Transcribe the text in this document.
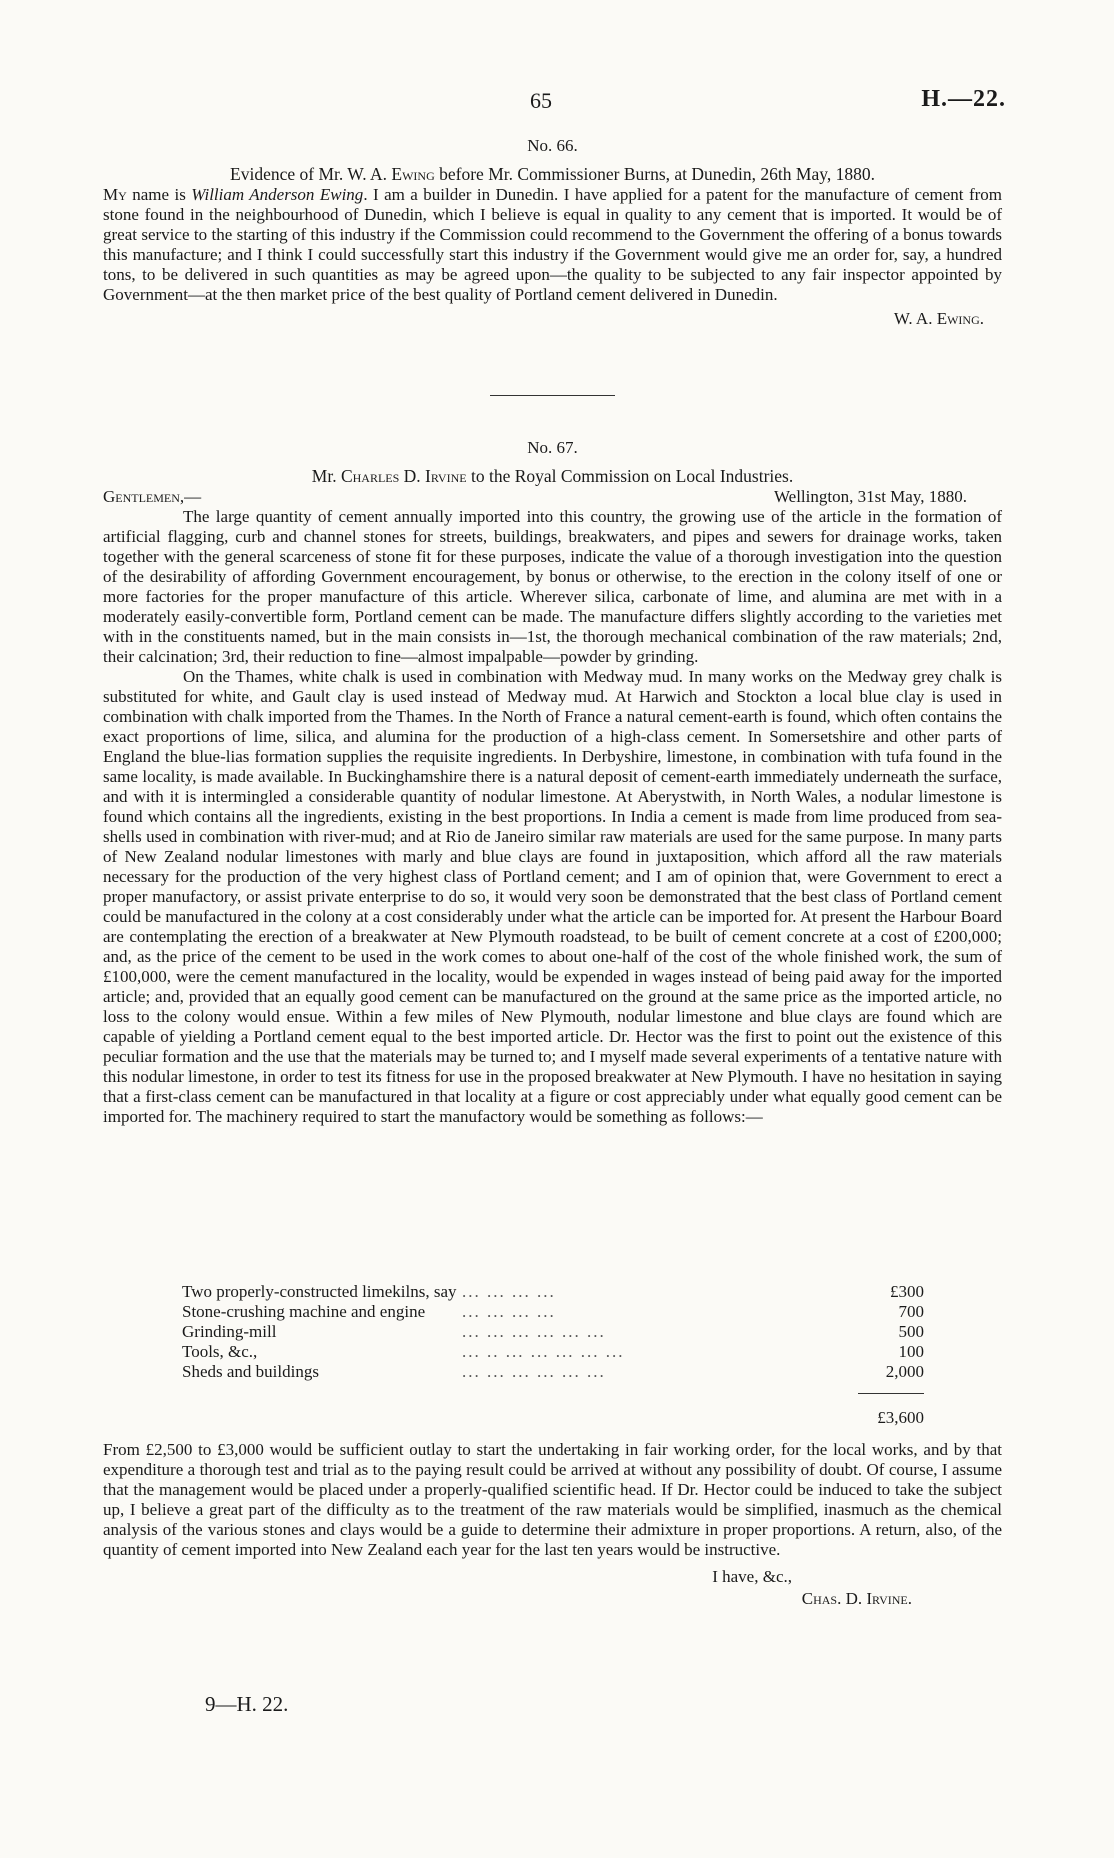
65	H.—22.
No. 66.
Evidence of Mr. W. A. Ewing before Mr. Commissioner Burns, at Dunedin, 26th May, 1880.

My name is William Anderson Ewing. I am a builder in Dunedin. I have applied for a patent for the manufacture of cement from stone found in the neighbourhood of Dunedin, which I believe is equal in quality to any cement that is imported. It would be of great service to the starting of this industry if the Commission could recommend to the Government the offering of a bonus towards this manufacture; and I think I could successfully start this industry if the Government would give me an order for, say, a hundred tons, to be delivered in such quantities as may be agreed upon—the quality to be subjected to any fair inspector appointed by Government—at the then market price of the best quality of Portland cement delivered in Dunedin.

W. A. Ewing.
No. 67.
Mr. Charles D. Irvine to the Royal Commission on Local Industries.
Gentlemen,—	Wellington, 31st May, 1880.

The large quantity of cement annually imported into this country, the growing use of the article in the formation of artificial flagging, curb and channel stones for streets, buildings, breakwaters, and pipes and sewers for drainage works, taken together with the general scarceness of stone fit for these purposes, indicate the value of a thorough investigation into the question of the desirability of affording Government encouragement, by bonus or otherwise, to the erection in the colony itself of one or more factories for the proper manufacture of this article. Wherever silica, carbonate of lime, and alumina are met with in a moderately easily-convertible form, Portland cement can be made. The manufacture differs slightly according to the varieties met with in the constituents named, but in the main consists in—1st, the thorough mechanical combination of the raw materials; 2nd, their calcination; 3rd, their reduction to fine—almost impalpable—powder by grinding.

On the Thames, white chalk is used in combination with Medway mud. In many works on the Medway grey chalk is substituted for white, and Gault clay is used instead of Medway mud. At Harwich and Stockton a local blue clay is used in combination with chalk imported from the Thames. In the North of France a natural cement-earth is found, which often contains the exact proportions of lime, silica, and alumina for the production of a high-class cement. In Somersetshire and other parts of England the blue-lias formation supplies the requisite ingredients. In Derbyshire, limestone, in combination with tufa found in the same locality, is made available. In Buckinghamshire there is a natural deposit of cement-earth immediately underneath the surface, and with it is intermingled a considerable quantity of nodular limestone. At Aberystwith, in North Wales, a nodular limestone is found which contains all the ingredients, existing in the best proportions. In India a cement is made from lime produced from sea-shells used in combination with river-mud; and at Rio de Janeiro similar raw materials are used for the same purpose. In many parts of New Zealand nodular limestones with marly and blue clays are found in juxtaposition, which afford all the raw materials necessary for the production of the very highest class of Portland cement; and I am of opinion that, were Government to erect a proper manufactory, or assist private enterprise to do so, it would very soon be demonstrated that the best class of Portland cement could be manufactured in the colony at a cost considerably under what the article can be imported for. At present the Harbour Board are contemplating the erection of a breakwater at New Plymouth roadstead, to be built of cement concrete at a cost of £200,000; and, as the price of the cement to be used in the work comes to about one-half of the cost of the whole finished work, the sum of £100,000, were the cement manufactured in the locality, would be expended in wages instead of being paid away for the imported article; and, provided that an equally good cement can be manufactured on the ground at the same price as the imported article, no loss to the colony would ensue. Within a few miles of New Plymouth, nodular limestone and blue clays are found which are capable of yielding a Portland cement equal to the best imported article. Dr. Hector was the first to point out the existence of this peculiar formation and the use that the materials may be turned to; and I myself made several experiments of a tentative nature with this nodular limestone, in order to test its fitness for use in the proposed breakwater at New Plymouth. I have no hesitation in saying that a first-class cement can be manufactured in that locality at a figure or cost appreciably under what equally good cement can be imported for. The machinery required to start the manufactory would be something as follows:—

Two properly-constructed limekilns, say	... ... ... ...	£300
Stone-crushing machine and engine	... ... ... ...	700
Grinding-mill	... ... ... ... ... ...	500
Tools, &c.,	... .. ... ... ... ... ...	100
Sheds and buildings	... ... ... ... ... ...	2,000
£3,600

From £2,500 to £3,000 would be sufficient outlay to start the undertaking in fair working order, for the local works, and by that expenditure a thorough test and trial as to the paying result could be arrived at without any possibility of doubt. Of course, I assume that the management would be placed under a properly-qualified scientific head. If Dr. Hector could be induced to take the subject up, I believe a great part of the difficulty as to the treatment of the raw materials would be simplified, inasmuch as the chemical analysis of the various stones and clays would be a guide to determine their admixture in proper proportions. A return, also, of the quantity of cement imported into New Zealand each year for the last ten years would be instructive.

I have, &c.,
Chas. D. Irvine.
9—H. 22.
